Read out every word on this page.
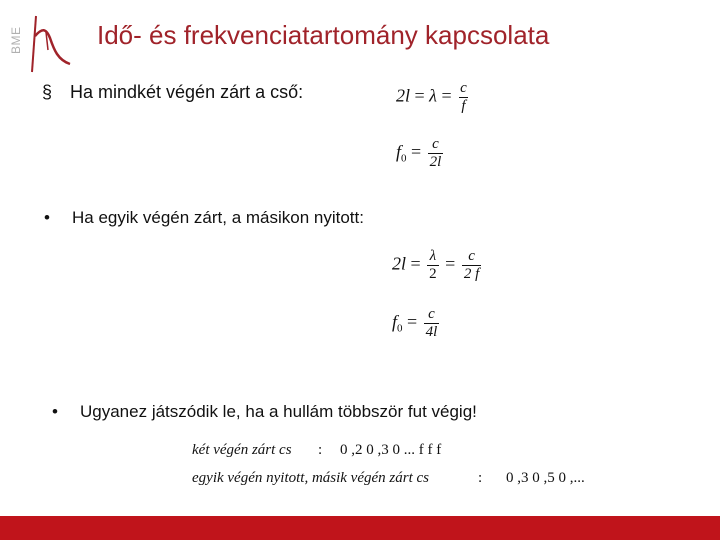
BME	Idő- és frekvenciatartomány kapcsolata
§ Ha mindkét végén zárt a cső:	$2l = \lambda = \frac{c}{f}$
$f_0 = \frac{c}{2l}$
• Ha egyik végén zárt, a másikon nyitott:
$2l = \frac{\lambda}{2} = \frac{c}{2 f}$
$f_0 = \frac{c}{4l}$
• Ugyanez játszódik le, ha a hullám többször fut végig!
két végén zárt cs : 0 ,2 0 ,3 0 ... f f f
egyik végén nyitott, másik végén zárt cs	: 0 ,3 0 ,5 0 ,...
